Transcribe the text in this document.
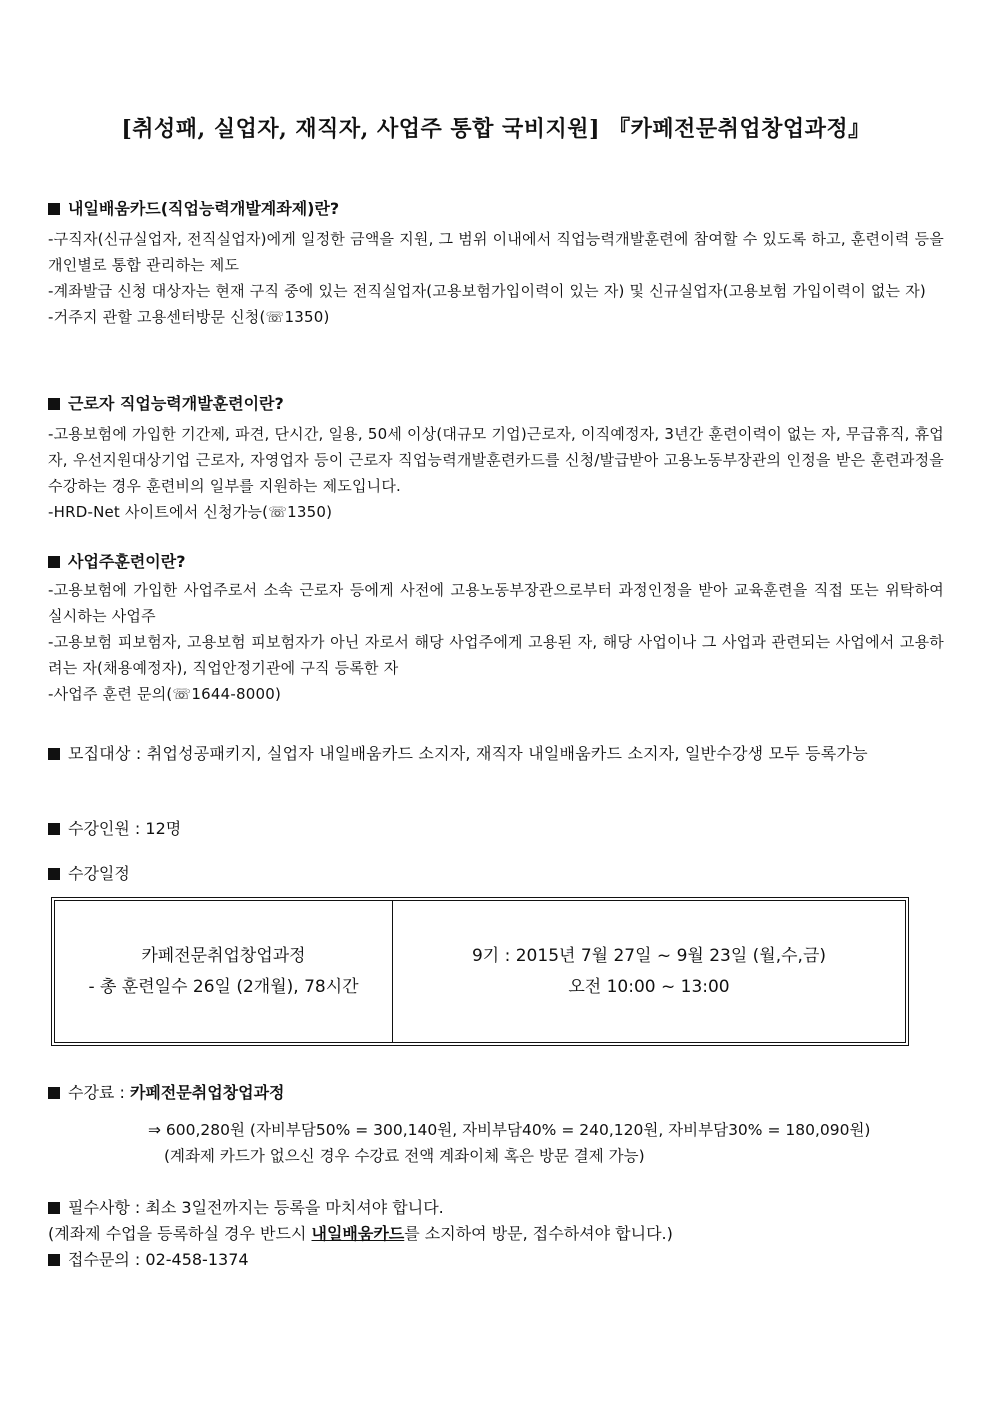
[취성패, 실업자, 재직자, 사업주 통합 국비지원] 『카페전문취업창업과정』
내일배움카드(직업능력개발계좌제)란?
-구직자(신규실업자, 전직실업자)에게 일정한 금액을 지원, 그 범위 이내에서 직업능력개발훈련에 참여할 수 있도록 하고, 훈련이력 등을 개인별로 통합 관리하는 제도
-계좌발급 신청 대상자는 현재 구직 중에 있는 전직실업자(고용보험가입이력이 있는 자) 및 신규실업자(고용보험 가입이력이 없는 자)
-거주지 관할 고용센터방문 신청(☏1350)
근로자 직업능력개발훈련이란?
-고용보험에 가입한 기간제, 파견, 단시간, 일용, 50세 이상(대규모 기업)근로자, 이직예정자, 3년간 훈련이력이 없는 자, 무급휴직, 휴업자, 우선지원대상기업 근로자, 자영업자 등이 근로자 직업능력개발훈련카드를 신청/발급받아 고용노동부장관의 인정을 받은 훈련과정을 수강하는 경우 훈련비의 일부를 지원하는 제도입니다.
-HRD-Net 사이트에서 신청가능(☏1350)
사업주훈련이란?
-고용보험에 가입한 사업주로서 소속 근로자 등에게 사전에 고용노동부장관으로부터 과정인정을 받아 교육훈련을 직접 또는 위탁하여 실시하는 사업주
-고용보험 피보험자, 고용보험 피보험자가 아닌 자로서 해당 사업주에게 고용된 자, 해당 사업이나 그 사업과 관련되는 사업에서 고용하려는 자(채용예정자), 직업안정기관에 구직 등록한 자
-사업주 훈련 문의(☏1644-8000)
모집대상 : 취업성공패키지, 실업자 내일배움카드 소지자, 재직자 내일배움카드 소지자, 일반수강생 모두 등록가능
수강인원 : 12명
수강일정
카페전문취업창업과정
- 총 훈련일수 26일 (2개월), 78시간
9기 : 2015년 7월 27일 ~ 9월 23일 (월,수,금)
오전 10:00 ~ 13:00
수강료 : 카페전문취업창업과정
⇒ 600,280원 (자비부담50% = 300,140원, 자비부담40% = 240,120원, 자비부담30% = 180,090원)
(계좌제 카드가 없으신 경우 수강료 전액 계좌이체 혹은 방문 결제 가능)
필수사항 : 최소 3일전까지는 등록을 마치셔야 합니다.
(계좌제 수업을 등록하실 경우 반드시 내일배움카드를 소지하여 방문, 접수하셔야 합니다.)
접수문의 : 02-458-1374
